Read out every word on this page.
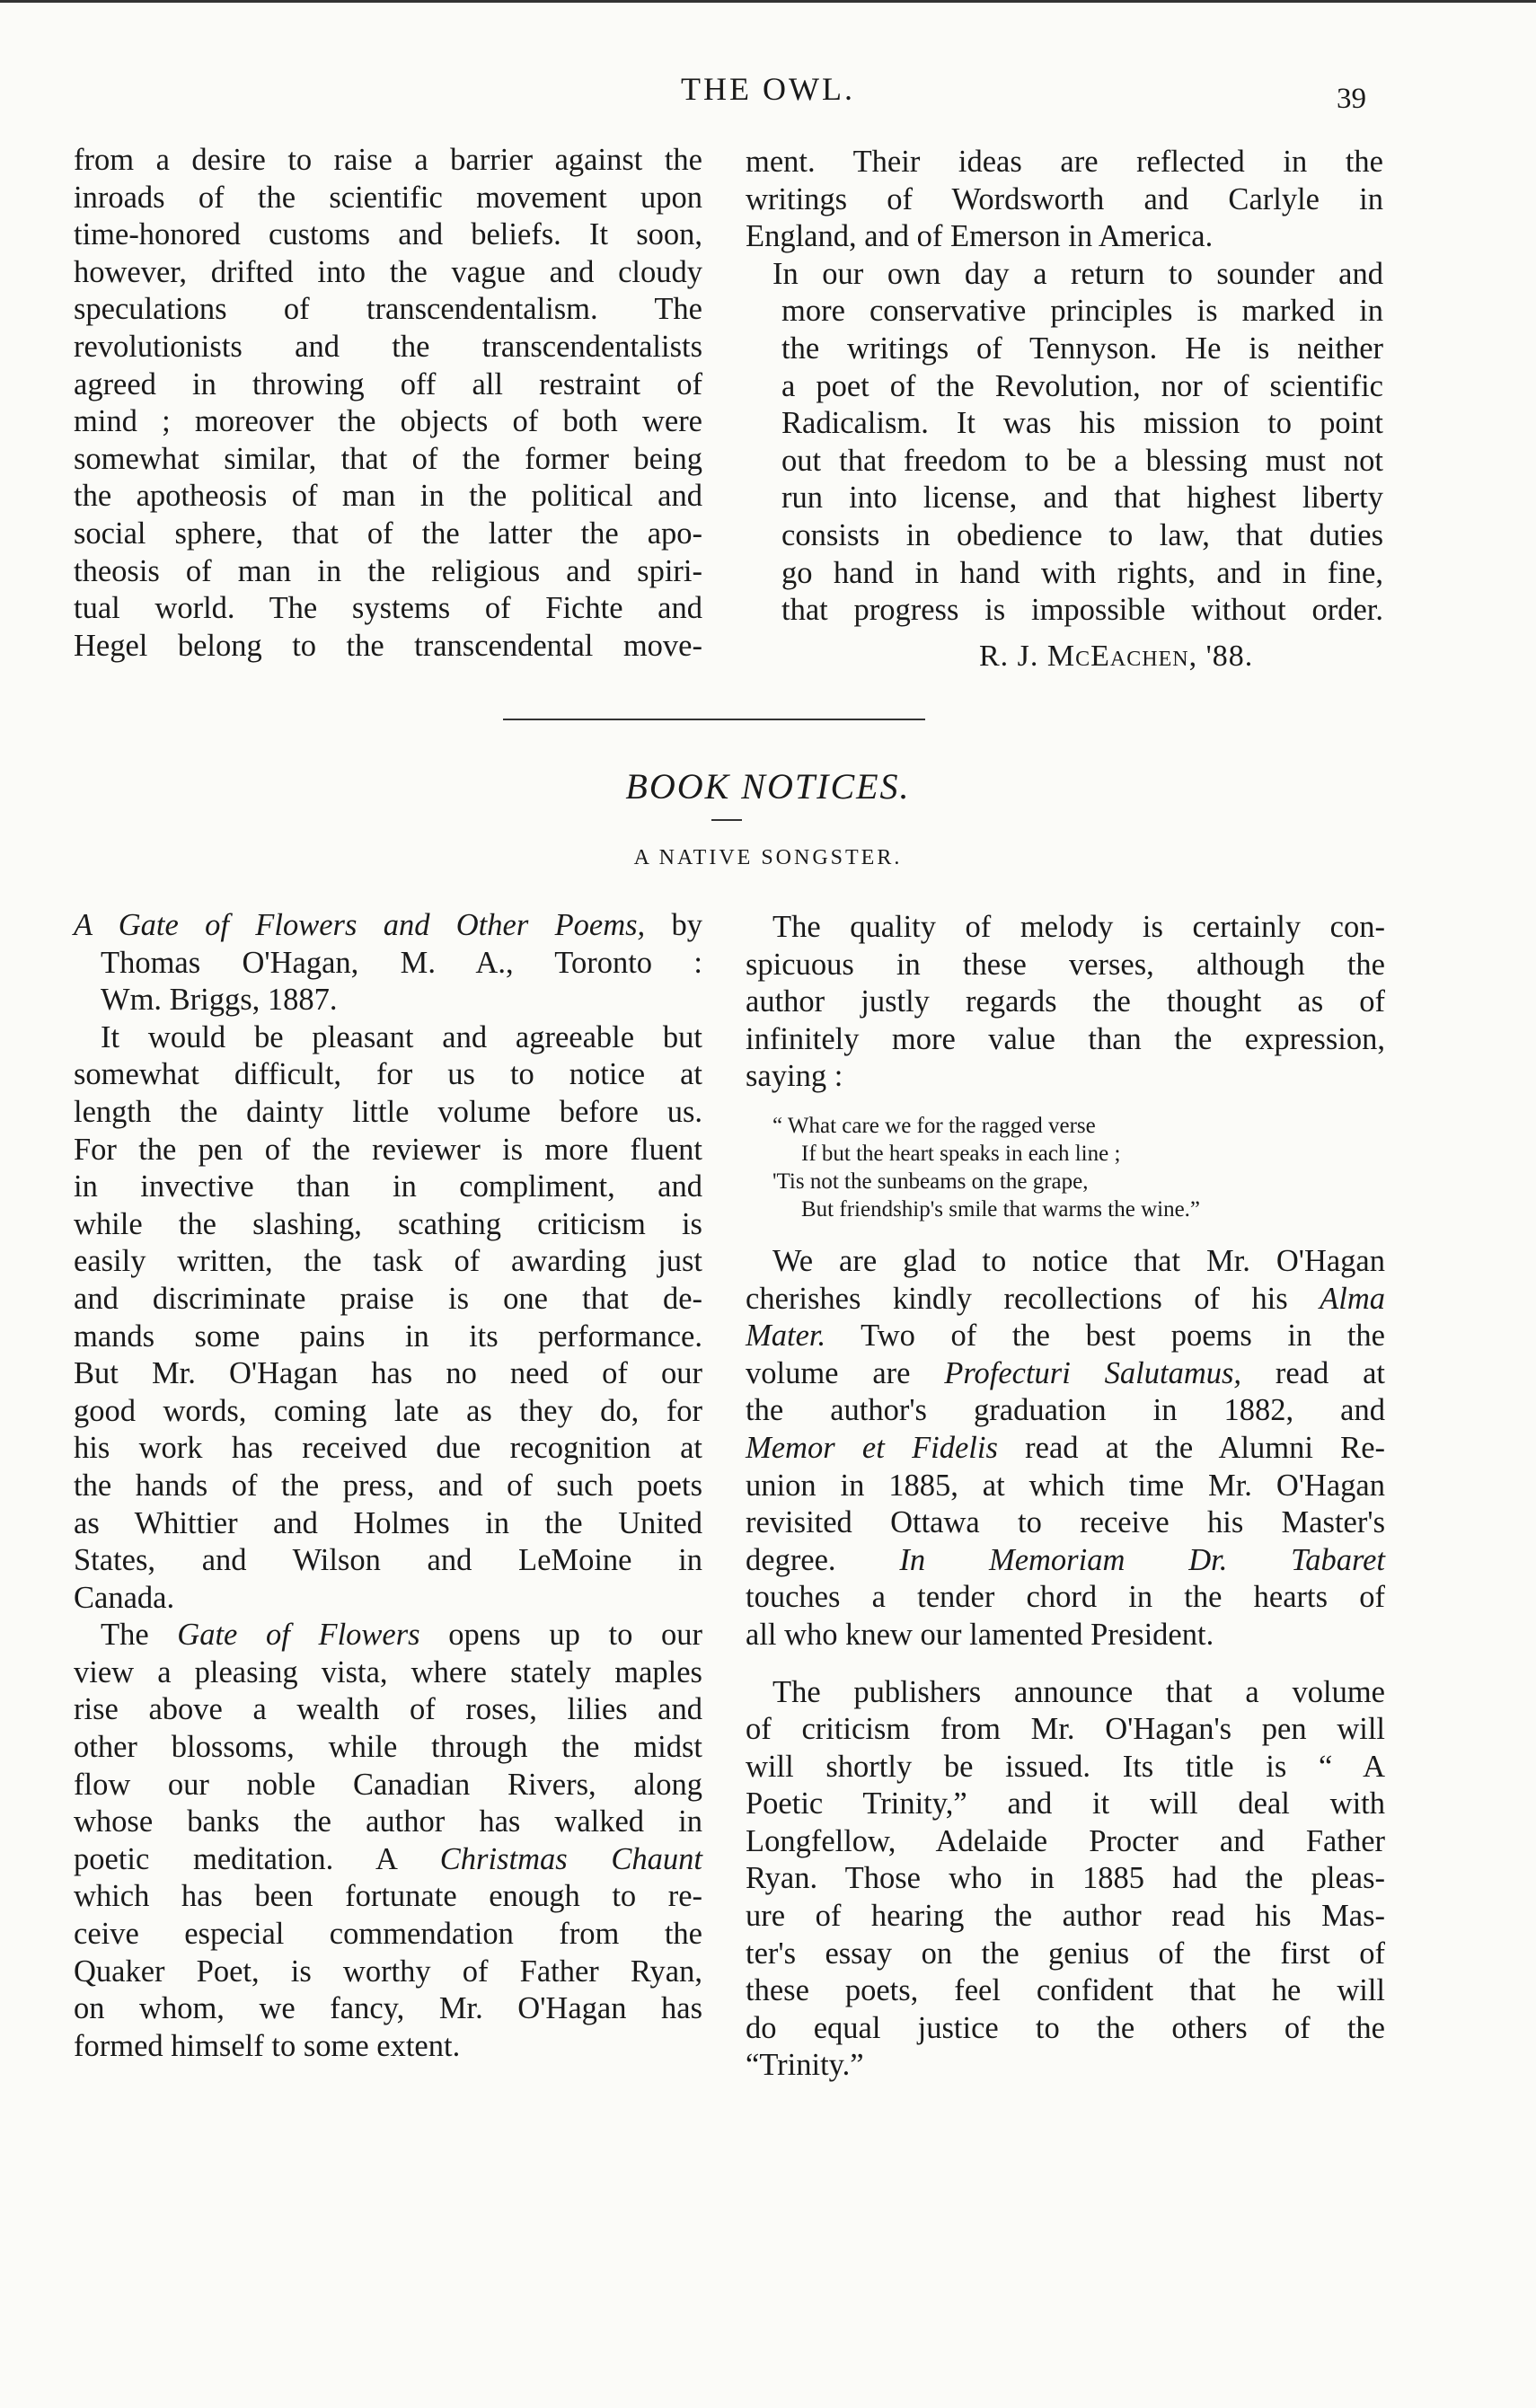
THE OWL.	39

from a desire to raise a barrier against the
inroads of the scientific movement upon
time-honored customs and beliefs. It soon,
however, drifted into the vague and cloudy
speculations of transcendentalism. The
revolutionists and the transcendentalists
agreed in throwing off all restraint of
mind ; moreover the objects of both were
somewhat similar, that of the former being
the apotheosis of man in the political and
social sphere, that of the latter the apo-
theosis of man in the religious and spiri-
tual world. The systems of Fichte and
Hegel belong to the transcendental move-

ment. Their ideas are reflected in the
writings of Wordsworth and Carlyle in
England, and of Emerson in America.

In our own day a return to sounder and
more conservative principles is marked in
the writings of Tennyson. He is neither
a poet of the Revolution, nor of scientific
Radicalism. It was his mission to point
out that freedom to be a blessing must not
run into license, and that highest liberty
consists in obedience to law, that duties
go hand in hand with rights, and in fine,
that progress is impossible without order.

R. J. McEachen, '88.
BOOK NOTICES.
A NATIVE SONGSTER.

A Gate of Flowers and Other Poems, by
Thomas O'Hagan, M. A., Toronto :
Wm. Briggs, 1887.

It would be pleasant and agreeable but
somewhat difficult, for us to notice at
length the dainty little volume before us.
For the pen of the reviewer is more fluent
in invective than in compliment, and
while the slashing, scathing criticism is
easily written, the task of awarding just
and discriminate praise is one that de-
mands some pains in its performance.
But Mr. O'Hagan has no need of our
good words, coming late as they do, for
his work has received due recognition at
the hands of the press, and of such poets
as Whittier and Holmes in the United
States, and Wilson and LeMoine in
Canada.

The Gate of Flowers opens up to our
view a pleasing vista, where stately maples
rise above a wealth of roses, lilies and
other blossoms, while through the midst
flow our noble Canadian Rivers, along
whose banks the author has walked in
poetic meditation. A Christmas Chaunt
which has been fortunate enough to re-
ceive especial commendation from the
Quaker Poet, is worthy of Father Ryan,
on whom, we fancy, Mr. O'Hagan has
formed himself to some extent.

The quality of melody is certainly con-
spicuous in these verses, although the
author justly regards the thought as of
infinitely more value than the expression,
saying :

“ What care we for the ragged verse
If but the heart speaks in each line ;
'Tis not the sunbeams on the grape,
But friendship's smile that warms the wine.”

We are glad to notice that Mr. O'Hagan
cherishes kindly recollections of his Alma
Mater. Two of the best poems in the
volume are Profecturi Salutamus, read at
the author's graduation in 1882, and
Memor et Fidelis read at the Alumni Re-
union in 1885, at which time Mr. O'Hagan
revisited Ottawa to receive his Master's
degree. In Memoriam Dr. Tabaret
touches a tender chord in the hearts of
all who knew our lamented President.

The publishers announce that a volume
of criticism from Mr. O'Hagan's pen will
will shortly be issued. Its title is “ A
Poetic Trinity,” and it will deal with
Longfellow, Adelaide Procter and Father
Ryan. Those who in 1885 had the pleas-
ure of hearing the author read his Mas-
ter's essay on the genius of the first of
these poets, feel confident that he will
do equal justice to the others of the
“Trinity.”
